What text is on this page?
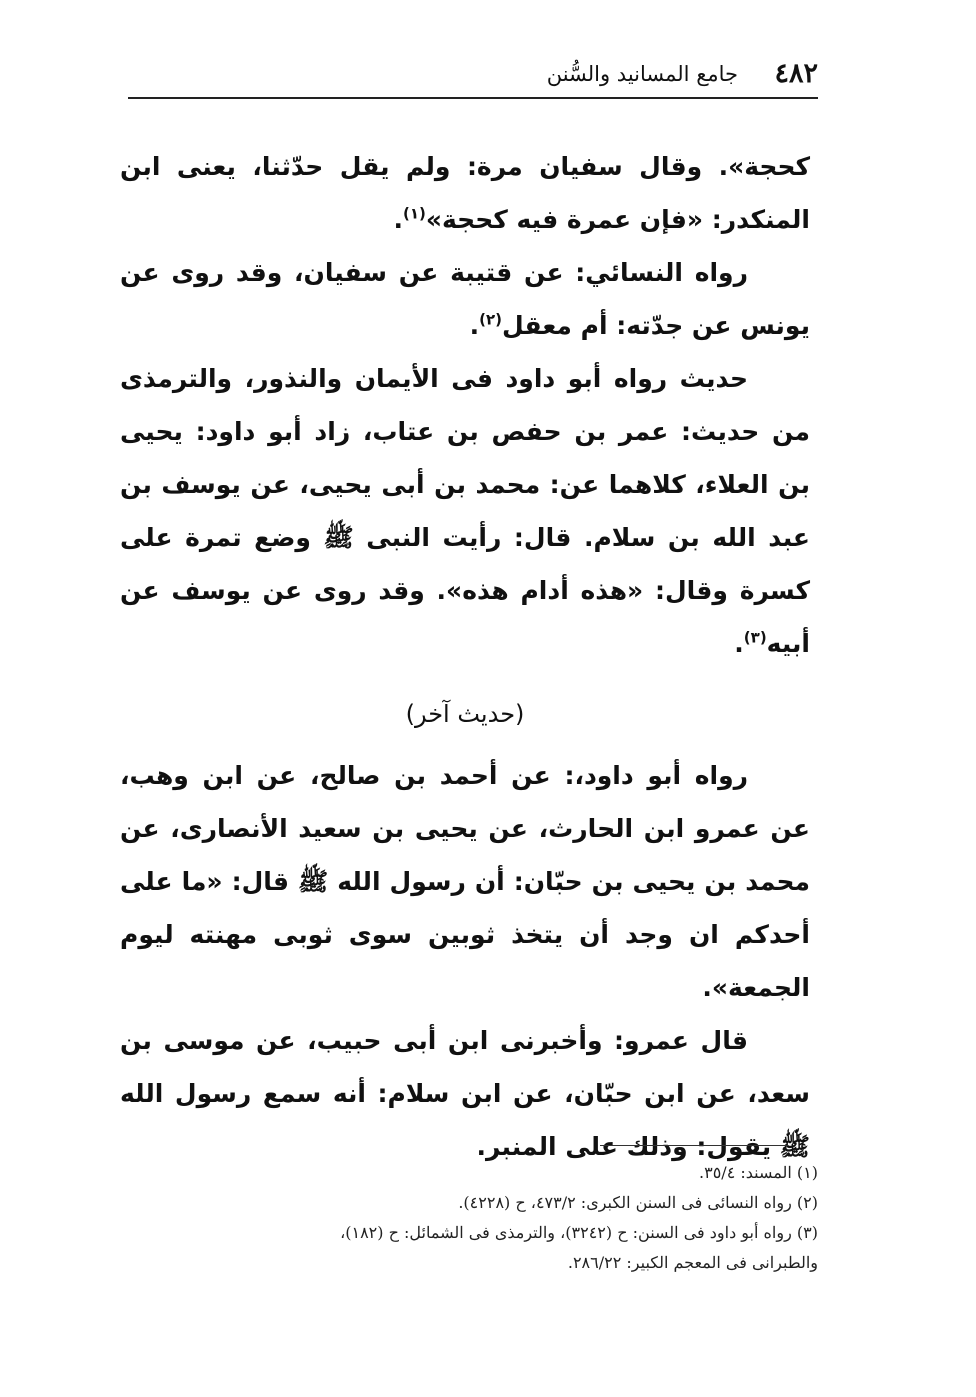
٤٨٢
جامع المسانيد والسُّنن

كحجة». وقال سفيان مرة: ولم يقل حدّثنا، يعنى ابن المنكدر: «فإن عمرة فيه كحجة»$^{(١)}$.

رواه النسائي: عن قتيبة عن سفيان، وقد روى عن يونس عن جدّته: أم معقل$^{(٢)}$.

حديث رواه أبو داود فى الأيمان والنذور، والترمذى من حديث: عمر بن حفص بن عتاب، زاد أبو داود: يحيى بن العلاء، كلاهما عن: محمد بن أبى يحيى، عن يوسف بن عبد الله بن سلام. قال: رأيت النبى ﷺ وضع تمرة على كسرة وقال: «هذه أدام هذه». وقد روى عن يوسف عن أبيه$^{(٣)}$.

(حديث آخر)

رواه أبو داود،: عن أحمد بن صالح، عن ابن وهب، عن عمرو ابن الحارث، عن يحيى بن سعيد الأنصارى، عن محمد بن يحيى بن حبّان: أن رسول الله ﷺ قال: «ما على أحدكم ان وجد أن يتخذ ثوبين سوى ثوبى مهنته ليوم الجمعة».

قال عمرو: وأخبرنى ابن أبى حبيب، عن موسى بن سعد، عن ابن حبّان، عن ابن سلام: أنه سمع رسول الله ﷺ يقول: وذلك على المنبر.

(١) المسند: ٣٥/٤.

(٢) رواه النسائى فى السنن الكبرى: ٤٧٣/٢، ح (٤٢٢٨).

(٣) رواه أبو داود فى السنن: ح (٣٢٤٢)، والترمذى فى الشمائل: ح (١٨٢)،

والطبرانى فى المعجم الكبير: ٢٨٦/٢٢.
